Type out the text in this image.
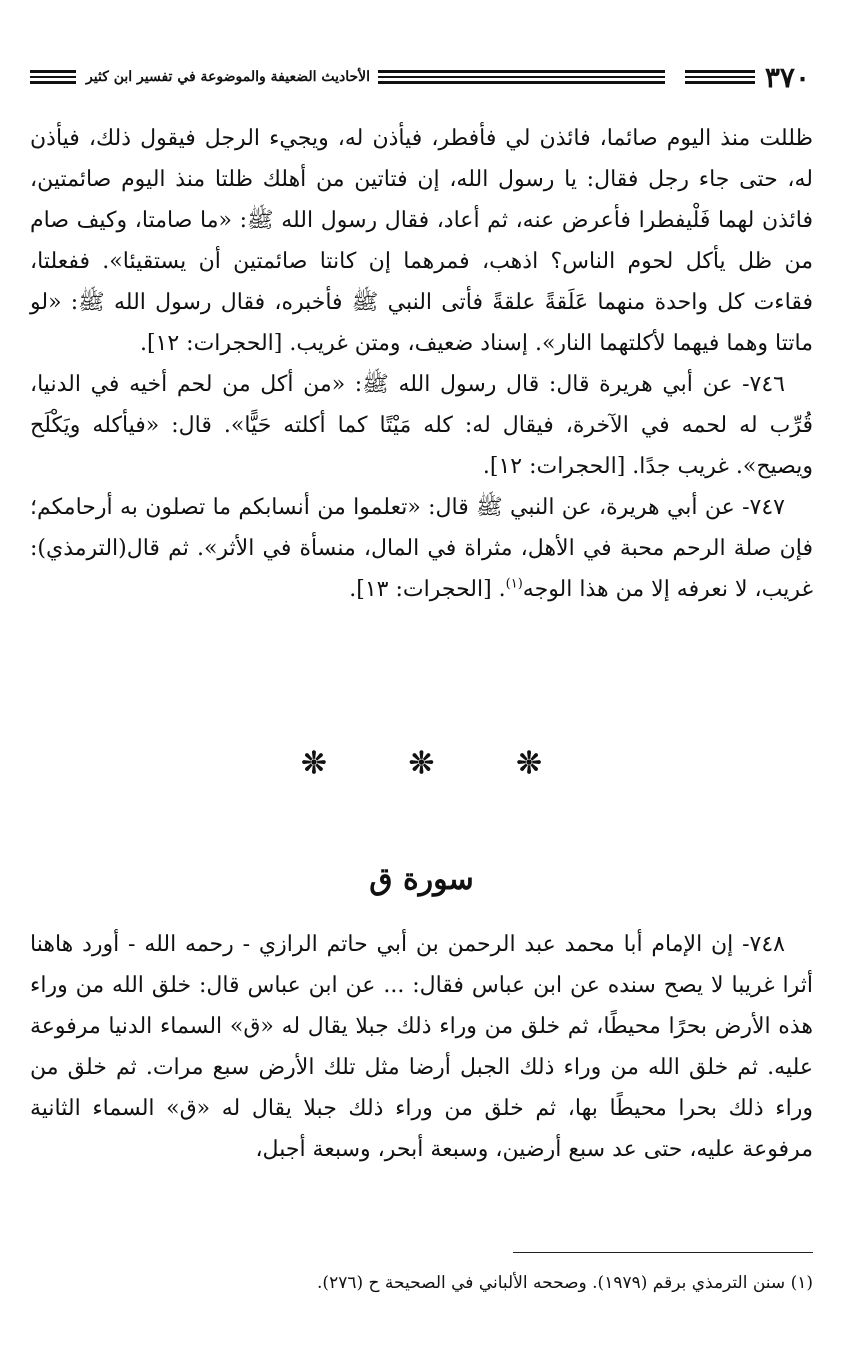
٣٧٠
الأحاديث الضعيفة والموضوعة في تفسير ابن كثير

ظللت منذ اليوم صائما، فائذن لي فأفطر، فيأذن له، ويجيء الرجل فيقول ذلك، فيأذن له، حتى جاء رجل فقال: يا رسول الله، إن فتاتين من أهلك ظلتا منذ اليوم صائمتين، فائذن لهما فَلْيفطرا فأعرض عنه، ثم أعاد، فقال رسول الله ﷺ: «ما صامتا، وكيف صام من ظل يأكل لحوم الناس؟ اذهب، فمرهما إن كانتا صائمتين أن يستقيئا». ففعلتا، فقاءت كل واحدة منهما عَلَقةً علقةً فأتى النبي ﷺ فأخبره، فقال رسول الله ﷺ: «لو ماتتا وهما فيهما لأكلتهما النار». إسناد ضعيف، ومتن غريب. [الحجرات: ١٢].

٧٤٦- عن أبي هريرة قال: قال رسول الله ﷺ: «من أكل من لحم أخيه في الدنيا، قُرِّب له لحمه في الآخرة، فيقال له: كله مَيْتًا كما أكلته حَيًّا». قال: «فيأكله ويَكْلَح ويصيح». غريب جدًا. [الحجرات: ١٢].

٧٤٧- عن أبي هريرة، عن النبي ﷺ قال: «تعلموا من أنسابكم ما تصلون به أرحامكم؛ فإن صلة الرحم محبة في الأهل، مثراة في المال، منسأة في الأثر». ثم قال(الترمذي): غريب، لا نعرفه إلا من هذا الوجه$^{(١)}$. [الحجرات: ١٣].

❊	❊	❊
سورة ق

٧٤٨- إن الإمام أبا محمد عبد الرحمن بن أبي حاتم الرازي - رحمه الله - أورد هاهنا أثرا غريبا لا يصح سنده عن ابن عباس فقال: ... عن ابن عباس قال: خلق الله من وراء هذه الأرض بحرًا محيطًا، ثم خلق من وراء ذلك جبلا يقال له «ق» السماء الدنيا مرفوعة عليه. ثم خلق الله من وراء ذلك الجبل أرضا مثل تلك الأرض سبع مرات. ثم خلق من وراء ذلك بحرا محيطًا بها، ثم خلق من وراء ذلك جبلا يقال له «ق» السماء الثانية مرفوعة عليه، حتى عد سبع أرضين، وسبعة أبحر، وسبعة أجبل،

(١) سنن الترمذي برقم (١٩٧٩). وصححه الألباني في الصحيحة ح (٢٧٦).
